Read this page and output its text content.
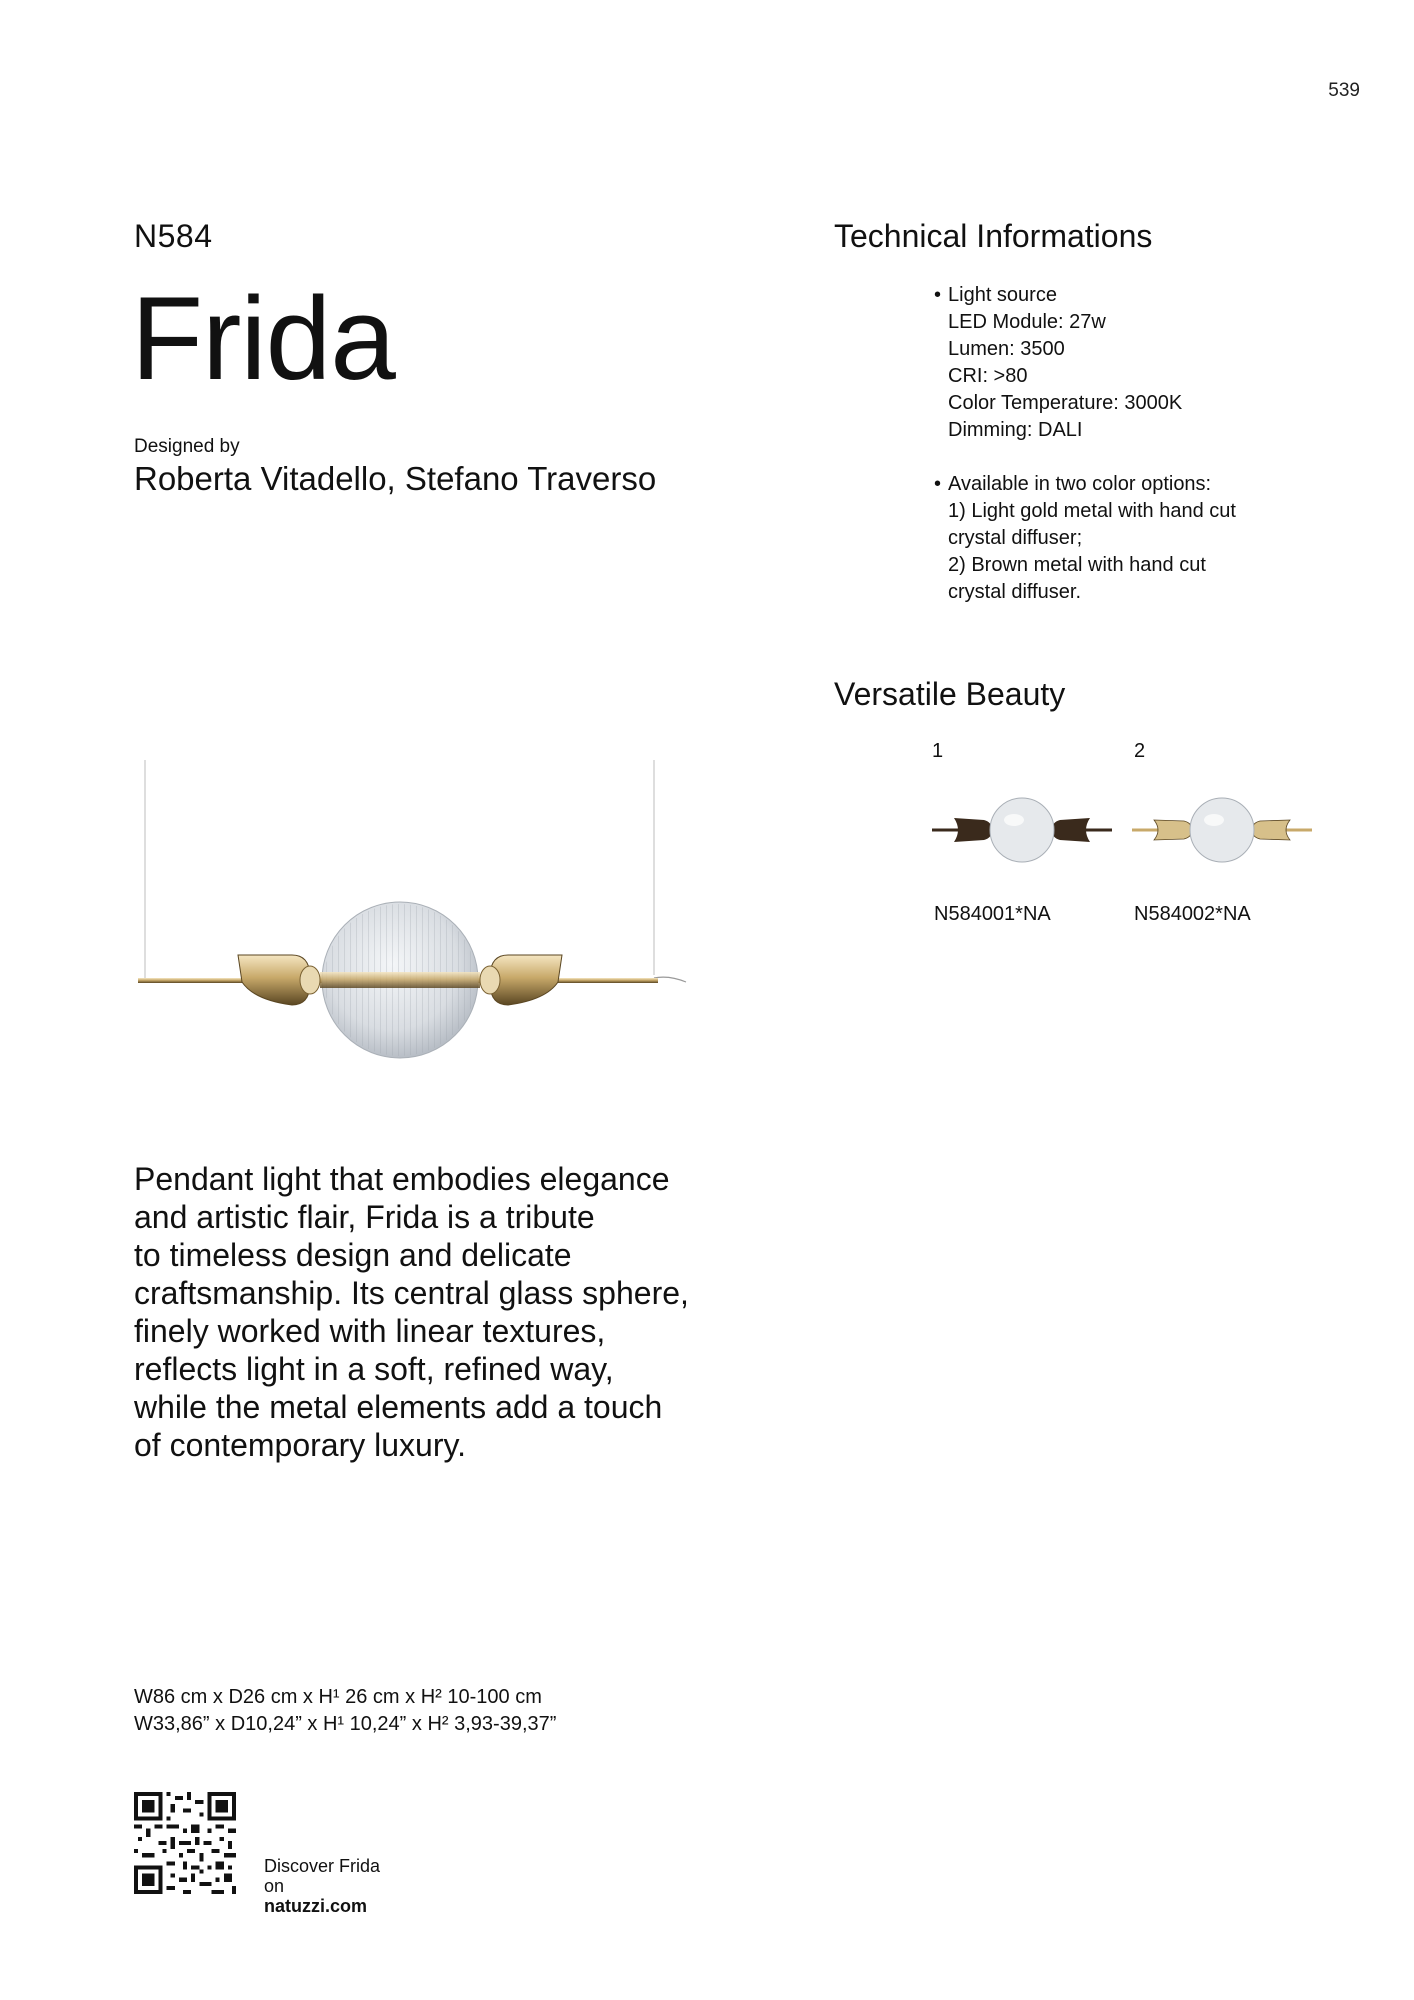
539
N584
Frida
Designed by
Roberta Vitadello, Stefano Traverso
Technical Informations
• Light source
LED Module: 27w
Lumen: 3500
CRI: >80
Color Temperature: 3000K
Dimming: DALI
• Available in two color options:
1) Light gold metal with hand cut
crystal diffuser;
2) Brown metal with hand cut
crystal diffuser.
Versatile Beauty
1
N584001*NA
2
N584002*NA
Pendant light that embodies elegance
and artistic flair, Frida is a tribute
to timeless design and delicate
craftsmanship. Its central glass sphere,
finely worked with linear textures,
reflects light in a soft, refined way,
while the metal elements add a touch
of contemporary luxury.
W86 cm x D26 cm x H¹ 26 cm x H² 10-100 cm
W33,86” x D10,24” x H¹ 10,24” x H² 3,93-39,37”
Discover Frida
on
natuzzi.com
